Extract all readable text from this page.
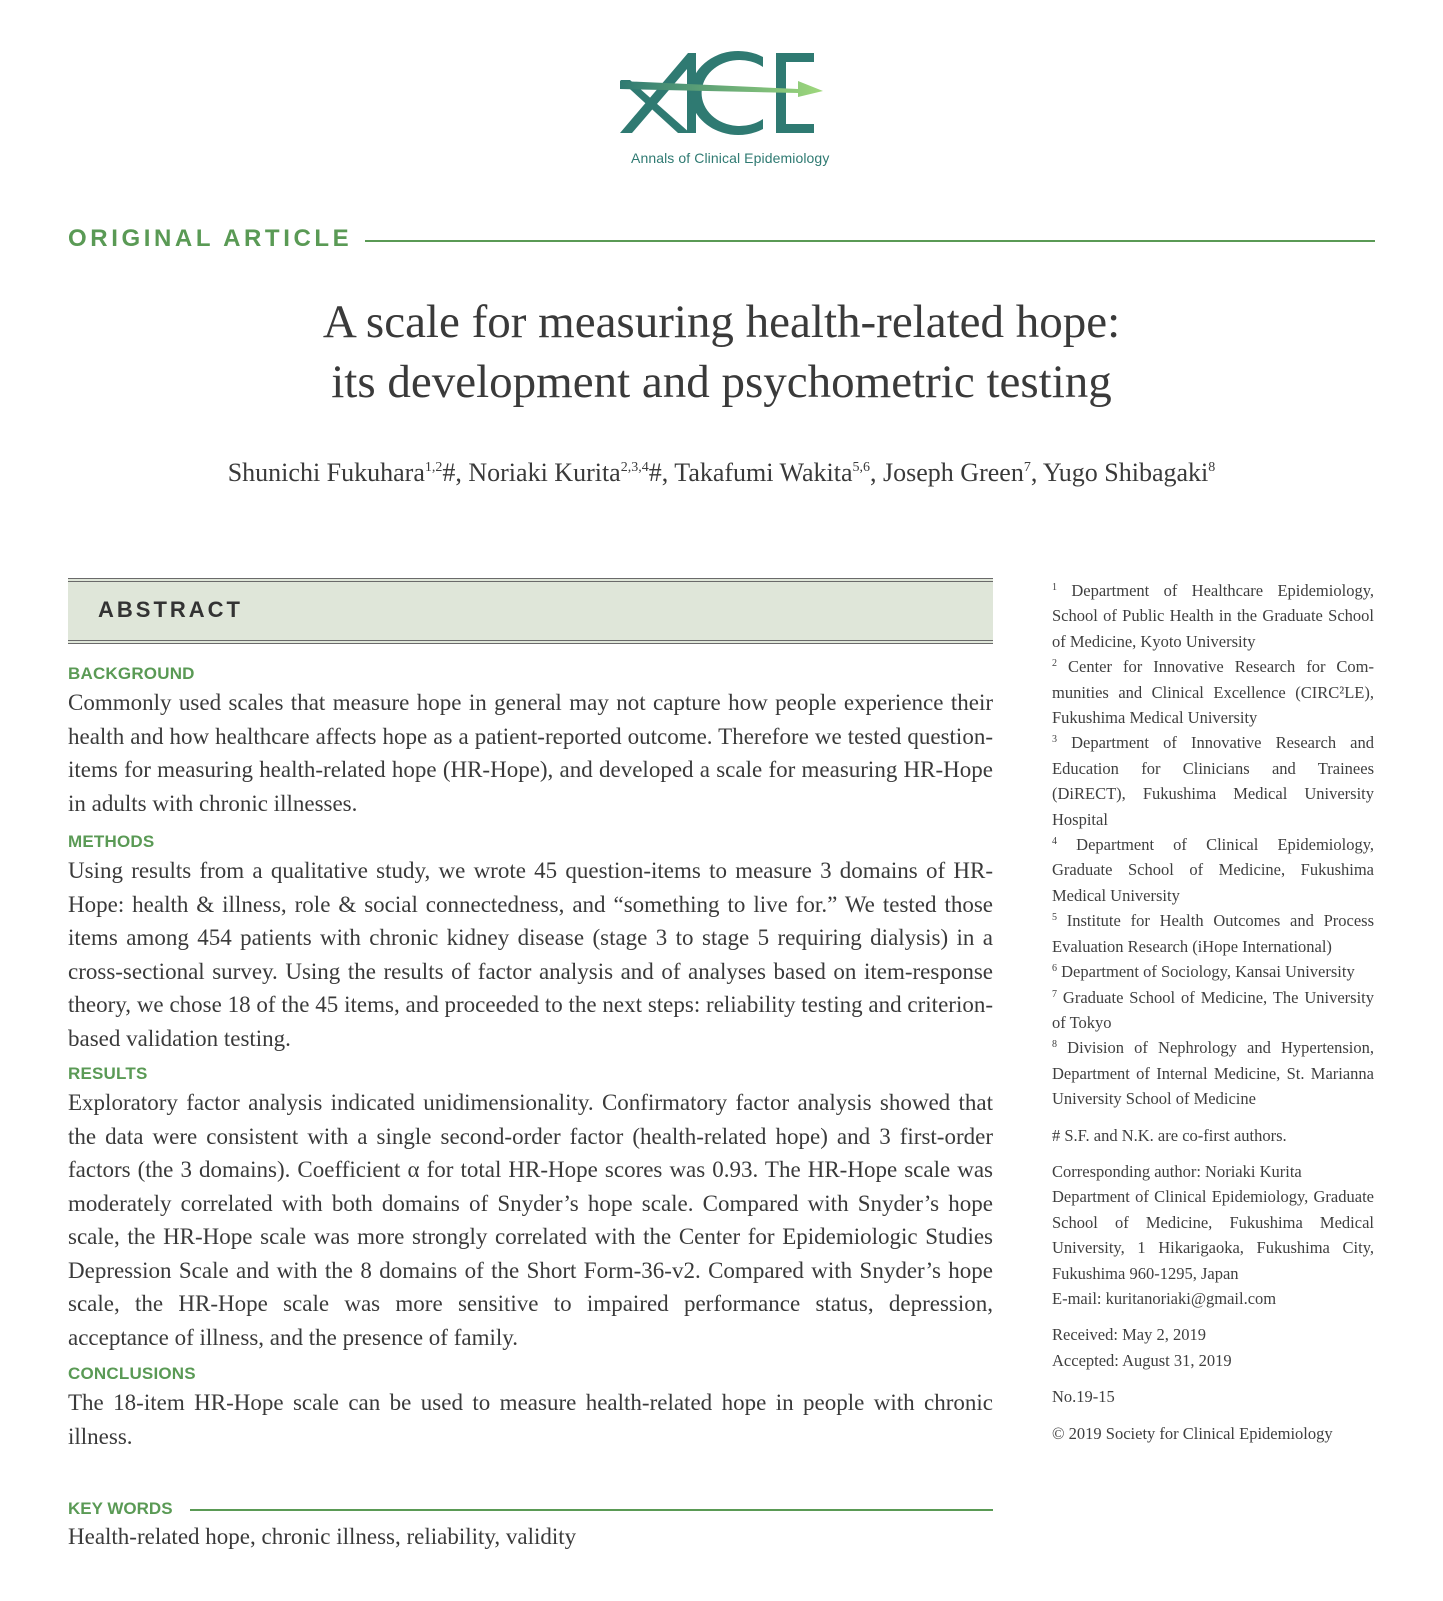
Annals of Clinical Epidemiology
ORIGINAL ARTICLE
A scale for measuring health-related hope:
its development and psychometric testing
Shunichi Fukuhara$^{1,2}$#, Noriaki Kurita$^{2,3,4}$#, Takafumi Wakita$^{5,6}$, Joseph Green$^7$, Yugo Shibagaki$^8$
ABSTRACT
BACKGROUND
Commonly used scales that measure hope in general may not capture how people experience their health and how healthcare affects hope as a patient-reported outcome. Therefore we tested question-items for measuring health-related hope (HR-Hope), and developed a scale for measuring HR-Hope in adults with chronic illnesses.
METHODS
Using results from a qualitative study, we wrote 45 question-items to measure 3 domains of HR-Hope: health & illness, role & social connectedness, and “something to live for.” We tested those items among 454 patients with chronic kidney disease (stage 3 to stage 5 requiring dialysis) in a cross-sectional survey. Using the results of factor analysis and of analyses based on item-response theory, we chose 18 of the 45 items, and proceeded to the next steps: reliability testing and criterion-based validation testing.
RESULTS
Exploratory factor analysis indicated unidimensionality. Confirmatory factor analysis showed that the data were consistent with a single second-order factor (health-related hope) and 3 first-order factors (the 3 domains). Coefficient α for total HR-Hope scores was 0.93. The HR-Hope scale was moderately correlated with both domains of Snyder’s hope scale. Compared with Snyder’s hope scale, the HR-Hope scale was more strongly correlated with the Center for Epidemiologic Studies Depression Scale and with the 8 domains of the Short Form-36-v2. Compared with Snyder’s hope scale, the HR-Hope scale was more sensitive to impaired performance status, depression, acceptance of illness, and the presence of family.
CONCLUSIONS
The 18-item HR-Hope scale can be used to measure health-related hope in people with chronic illness.
KEY WORDS
Health-related hope, chronic illness, reliability, validity

$^1$ Department of Healthcare Epidemiology, School of Public Health in the Graduate School of Medicine, Kyoto University

$^2$ Center for Innovative Research for Communities and Clinical Excellence (CIRC²LE), Fukushima Medical University

$^3$ Department of Innovative Research and Education for Clinicians and Trainees (DiRECT), Fukushima Medical University Hospital

$^4$ Department of Clinical Epidemiology, Graduate School of Medicine, Fukushima Medical University

$^5$ Institute for Health Outcomes and Process Evaluation Research (iHope International)

$^6$ Department of Sociology, Kansai University

$^7$ Graduate School of Medicine, The University of Tokyo

$^8$ Division of Nephrology and Hypertension, Department of Internal Medicine, St. Marianna University School of Medicine

# S.F. and N.K. are co-first authors.

Corresponding author: Noriaki Kurita

Department of Clinical Epidemiology, Graduate School of Medicine, Fukushima Medical University, 1 Hikarigaoka, Fukushima City, Fukushima 960-1295, Japan

E-mail: kuritanoriaki@gmail.com

Received: May 2, 2019

Accepted: August 31, 2019

No.19-15

© 2019 Society for Clinical Epidemiology
